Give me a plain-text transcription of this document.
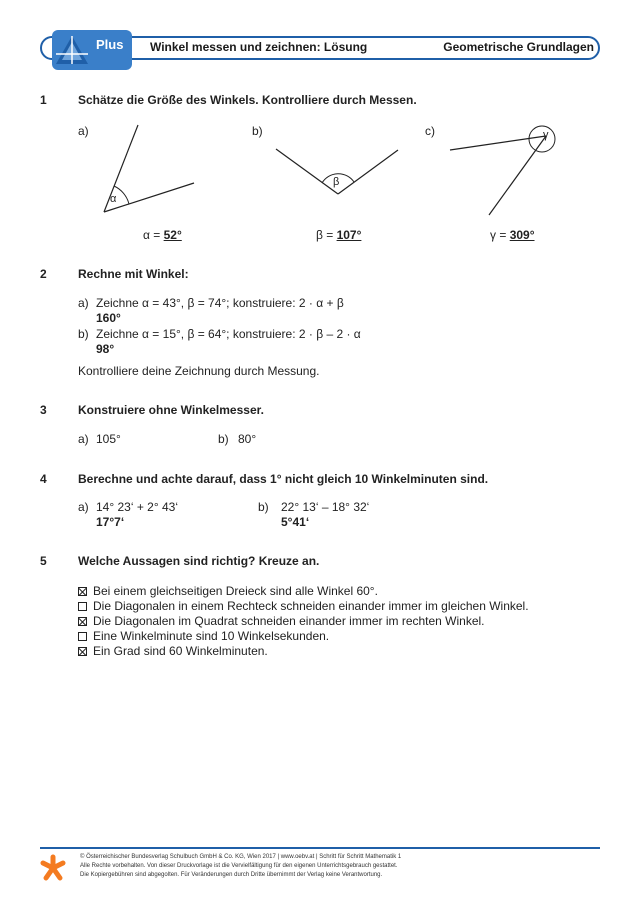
Plus Winkel messen und zeichnen: Lösung	Geometrische Grundlagen
1	Schätze die Größe des Winkels. Kontrolliere durch Messen.
a)	b)	c)
α
β
γ
α = 52°	β = 107°	γ = 309°
2	Rechne mit Winkel:
a) Zeichne α = 43°, β = 74°; konstruiere: 2 · α + β
160°
b) Zeichne α = 15°, β = 64°; konstruiere: 2 · β – 2 · α
98°
Kontrolliere deine Zeichnung durch Messung.
3	Konstruiere ohne Winkelmesser.
a) 105°	b) 80°
4	Berechne und achte darauf, dass 1° nicht gleich 10 Winkelminuten sind.
a) 14° 23‘ + 2° 43‘
17°7‘
b) 22° 13‘ – 18° 32‘
5°41‘
5	Welche Aussagen sind richtig? Kreuze an.
Bei einem gleichseitigen Dreieck sind alle Winkel 60°.
Die Diagonalen in einem Rechteck schneiden einander immer im gleichen Winkel.
Die Diagonalen im Quadrat schneiden einander immer im rechten Winkel.
Eine Winkelminute sind 10 Winkelsekunden.
Ein Grad sind 60 Winkelminuten.
© Österreichischer Bundesverlag Schulbuch GmbH & Co. KG, Wien 2017 | www.oebv.at | Schritt für Schritt Mathematik 1
Alle Rechte vorbehalten. Von dieser Druckvorlage ist die Vervielfältigung für den eigenen Unterrichtsgebrauch gestattet.
Die Kopiergebühren sind abgegolten. Für Veränderungen durch Dritte übernimmt der Verlag keine Verantwortung.
